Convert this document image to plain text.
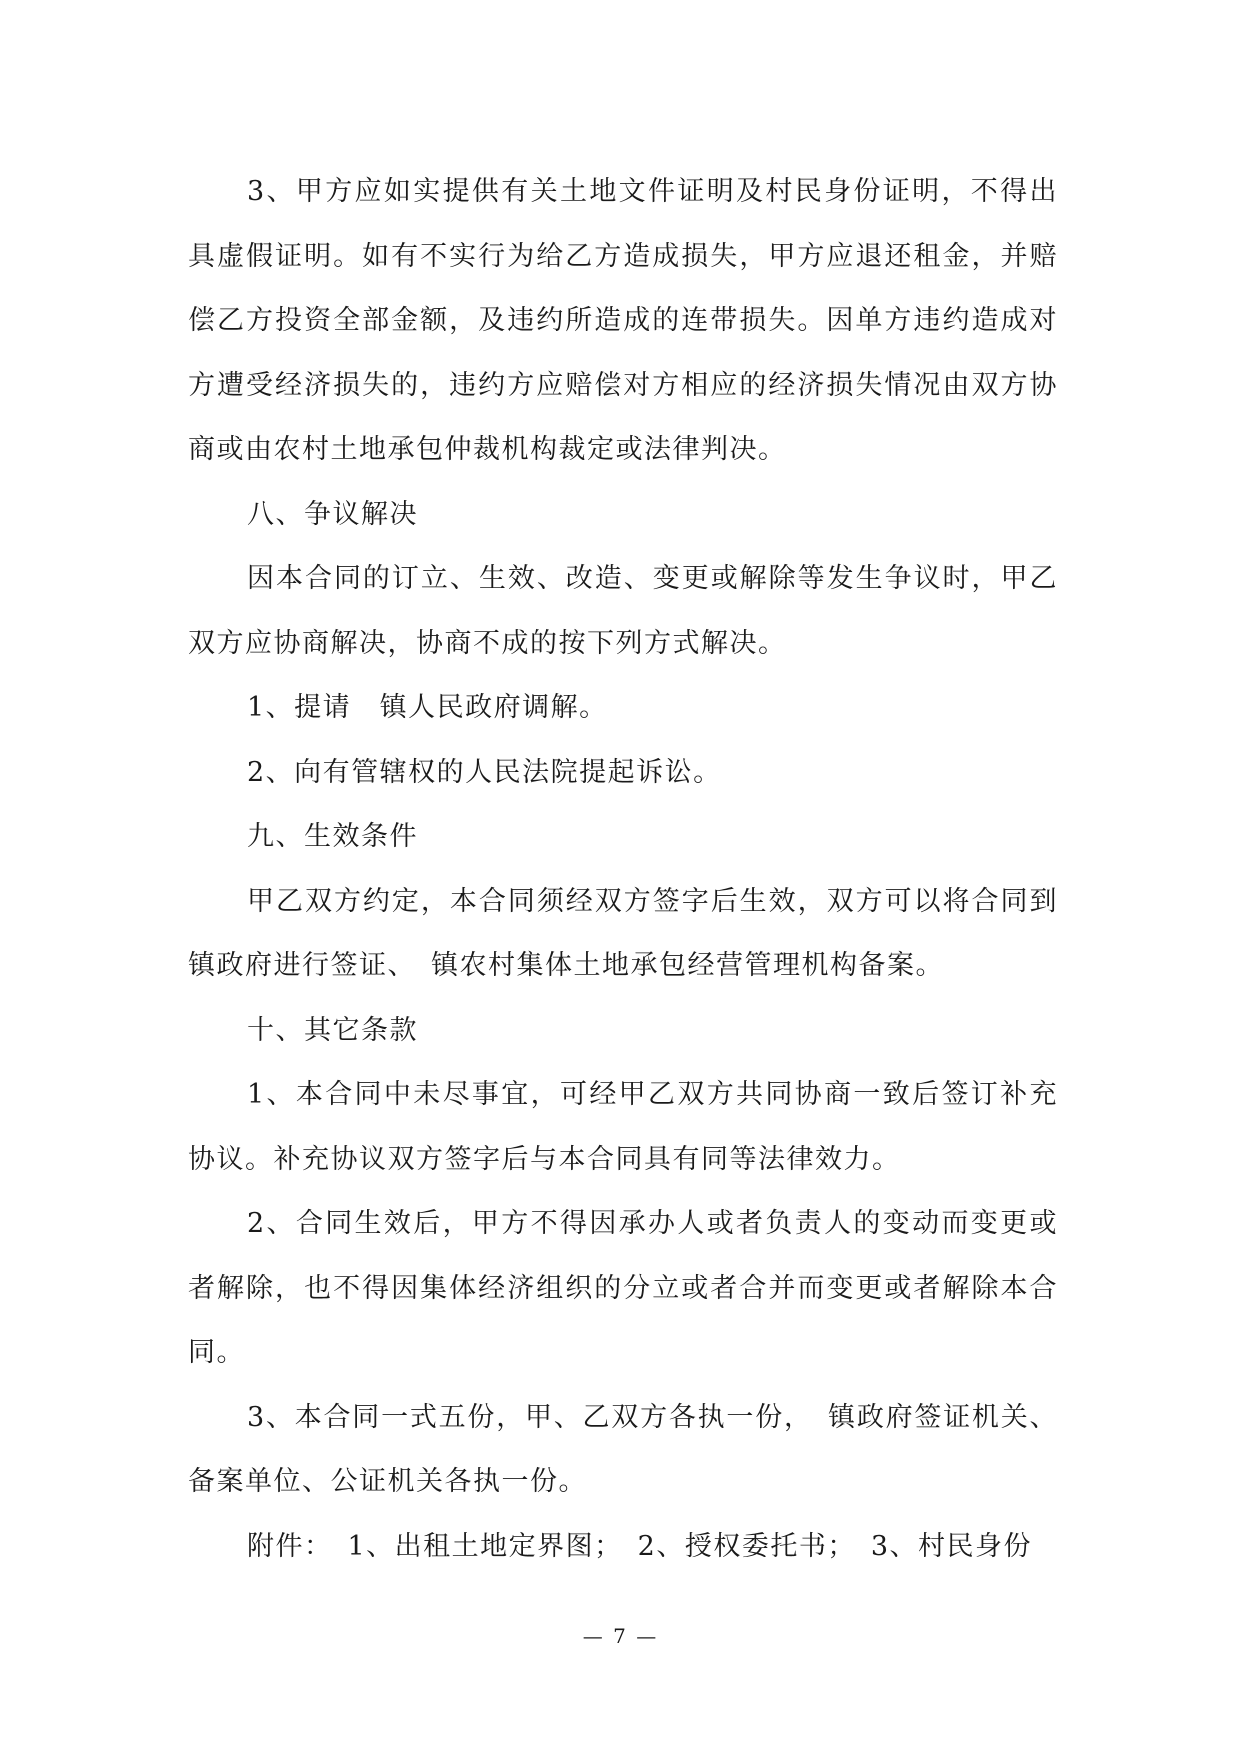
3、甲方应如实提供有关土地文件证明及村民身份证明，不得出具虚假证明。如有不实行为给乙方造成损失，甲方应退还租金，并赔偿乙方投资全部金额，及违约所造成的连带损失。因单方违约造成对方遭受经济损失的，违约方应赔偿对方相应的经济损失情况由双方协商或由农村土地承包仲裁机构裁定或法律判决。

八、争议解决

因本合同的订立、生效、改造、变更或解除等发生争议时，甲乙双方应协商解决，协商不成的按下列方式解决。

1、提请　镇人民政府调解。

2、向有管辖权的人民法院提起诉讼。

九、生效条件

甲乙双方约定，本合同须经双方签字后生效，双方可以将合同到镇政府进行签证、　镇农村集体土地承包经营管理机构备案。

十、其它条款

1、本合同中未尽事宜，可经甲乙双方共同协商一致后签订补充协议。补充协议双方签字后与本合同具有同等法律效力。

2、合同生效后，甲方不得因承办人或者负责人的变动而变更或者解除，也不得因集体经济组织的分立或者合并而变更或者解除本合同。

3、本合同一式五份，甲、乙双方各执一份，　镇政府签证机关、备案单位、公证机关各执一份。

附件：　1、出租土地定界图；　2、授权委托书；　3、村民身份

— 7 —
